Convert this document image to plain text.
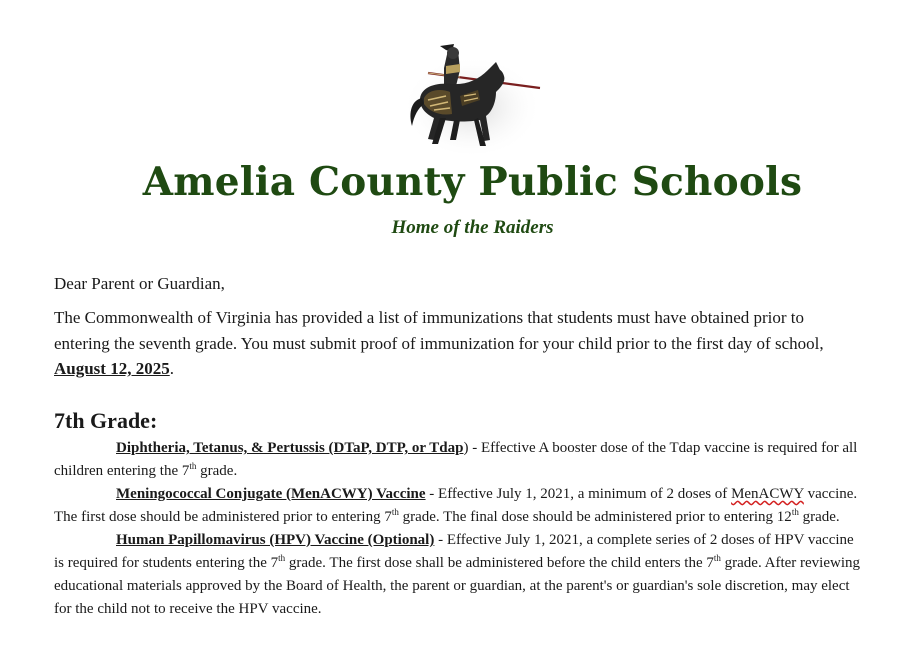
Amelia County Public Schools
Home of the Raiders
Dear Parent or Guardian,
The Commonwealth of Virginia has provided a list of immunizations that students must have obtained prior to entering the seventh grade. You must submit proof of immunization for your child prior to the first day of school, August 12, 2025.
7th Grade:

Diphtheria, Tetanus, & Pertussis (DTaP, DTP, or Tdap) - Effective A booster dose of the Tdap vaccine is required for all children entering the 7th grade.

Meningococcal Conjugate (MenACWY) Vaccine - Effective July 1, 2021, a minimum of 2 doses of MenACWY vaccine. The first dose should be administered prior to entering 7th grade. The final dose should be administered prior to entering 12th grade.

Human Papillomavirus (HPV) Vaccine (Optional) - Effective July 1, 2021, a complete series of 2 doses of HPV vaccine is required for students entering the 7th grade. The first dose shall be administered before the child enters the 7th grade. After reviewing educational materials approved by the Board of Health, the parent or guardian, at the parent's or guardian's sole discretion, may elect for the child not to receive the HPV vaccine.
